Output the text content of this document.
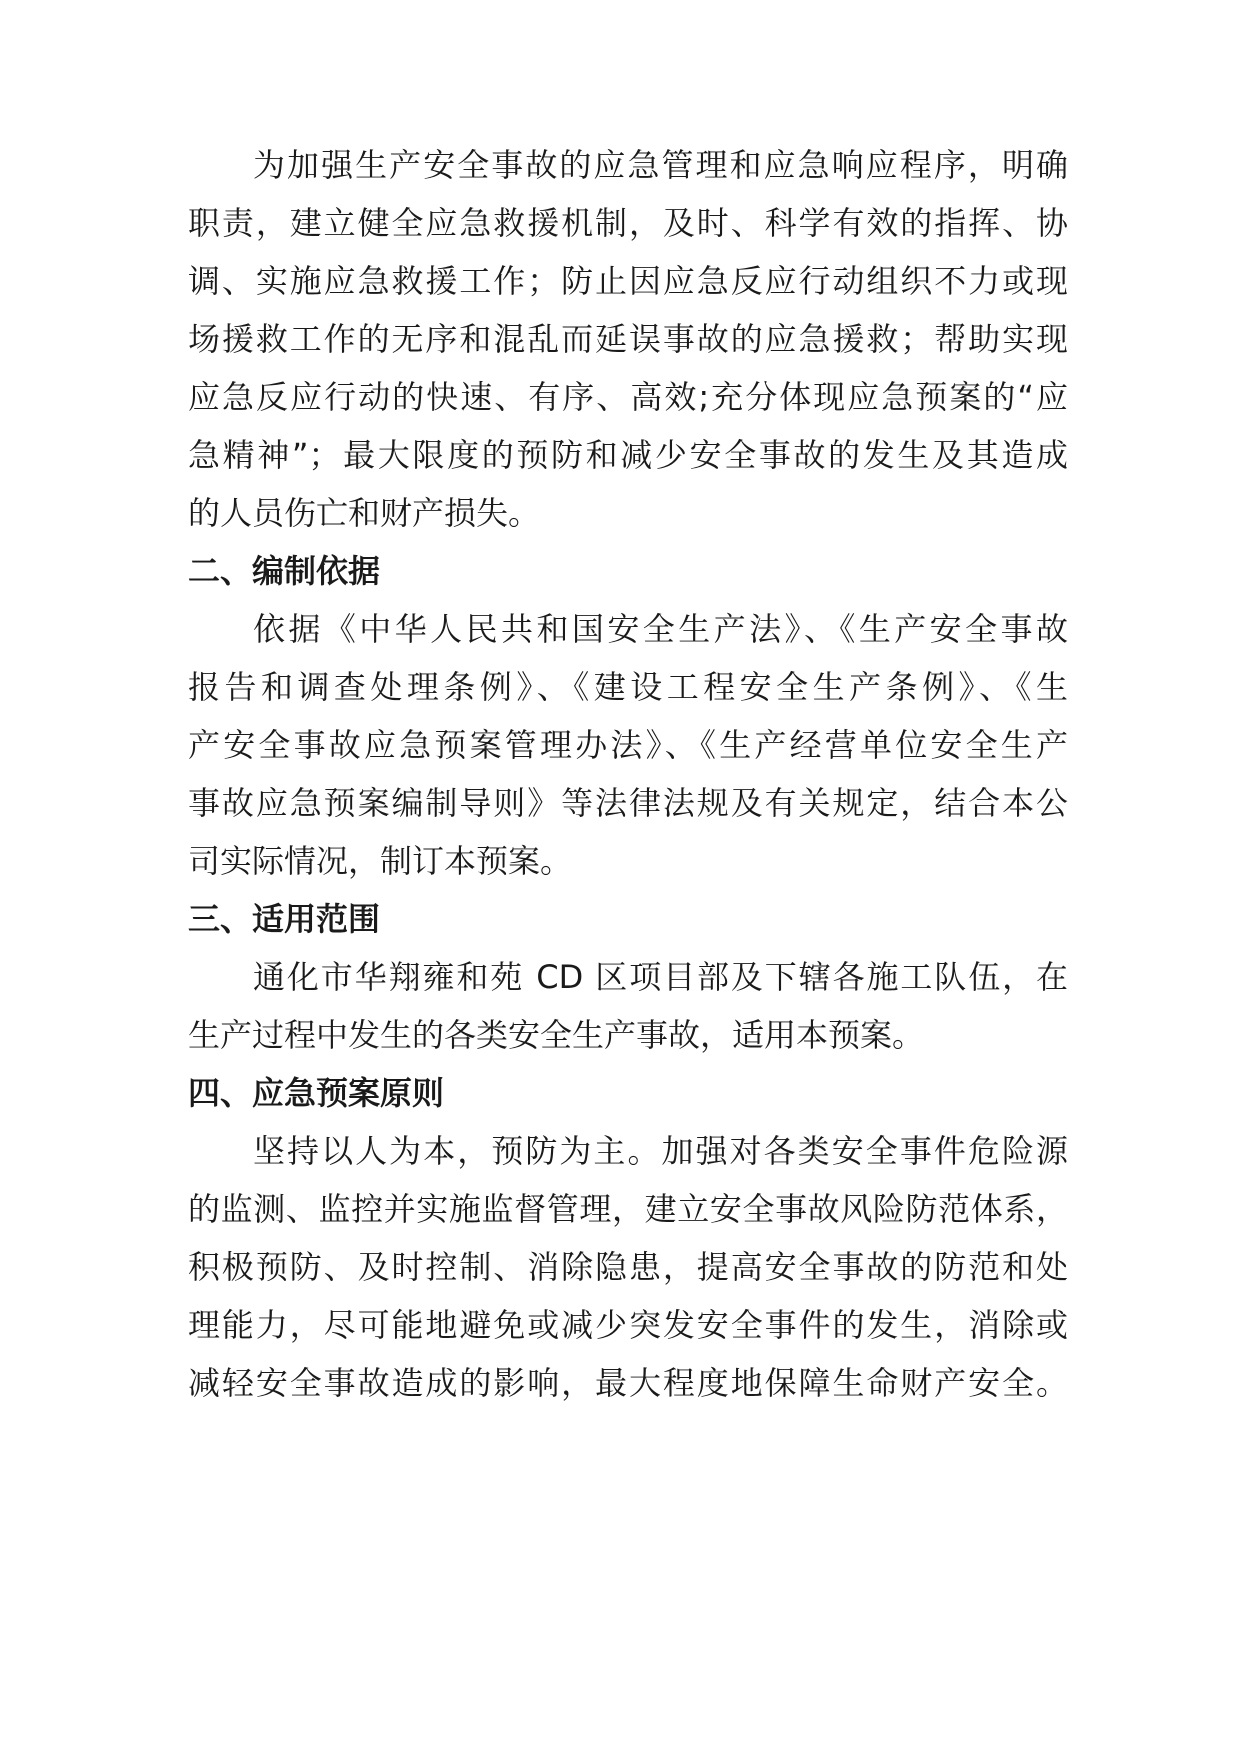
为加强生产安全事故的应急管理和应急响应程序，明确
职责，建立健全应急救援机制，及时、科学有效的指挥、协
调、实施应急救援工作；防止因应急反应行动组织不力或现
场援救工作的无序和混乱而延误事故的应急援救；帮助实现
应急反应行动的快速、有序、高效;充分体现应急预案的“应
急精神”；最大限度的预防和减少安全事故的发生及其造成
的人员伤亡和财产损失。
二、编制依据
依据《中华人民共和国安全生产法》、《生产安全事故
报告和调查处理条例》、《建设工程安全生产条例》、《生
产安全事故应急预案管理办法》、《生产经营单位安全生产
事故应急预案编制导则》等法律法规及有关规定，结合本公
司实际情况，制订本预案。
三、适用范围
通化市华翔雍和苑 CD 区项目部及下辖各施工队伍，在
生产过程中发生的各类安全生产事故，适用本预案。
四、应急预案原则
坚持以人为本，预防为主。加强对各类安全事件危险源
的监测、监控并实施监督管理，建立安全事故风险防范体系，
积极预防、及时控制、消除隐患，提高安全事故的防范和处
理能力，尽可能地避免或减少突发安全事件的发生，消除或
减轻安全事故造成的影响，最大程度地保障生命财产安全。
